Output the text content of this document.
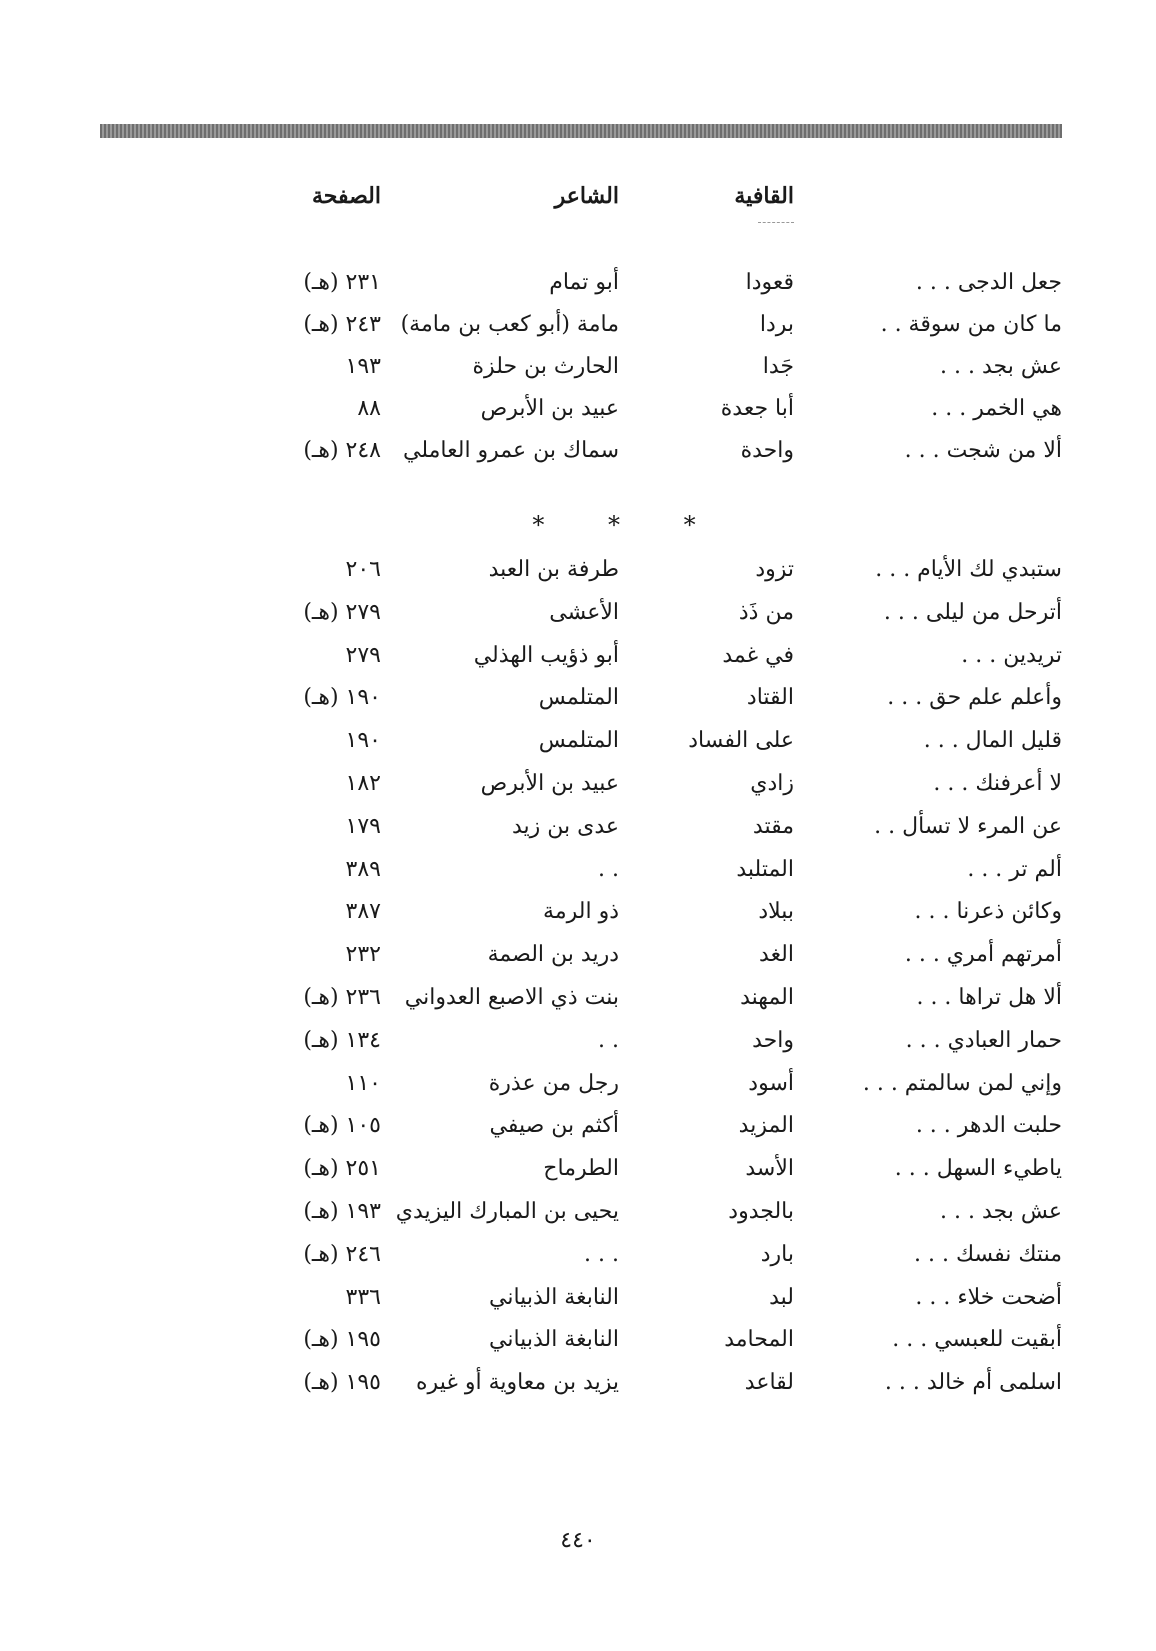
القافية
الشاعر
الصفحة
جعل الدجى . . .
قعودا
أبو تمام
٢٣١ (هـ)
ما كان من سوقة . .
بردا
مامة (أبو كعب بن مامة)
٢٤٣ (هـ)
عش بجد . . .
جَدا
الحارث بن حلزة
١٩٣
هي الخمر . . .
أبا جعدة
عبيد بن الأبرص
٨٨
ألا من شجت . . .
واحدة
سماك بن عمرو العاملي
٢٤٨ (هـ)
* * *
ستبدي لك الأيام . . .
تزود
طرفة بن العبد
٢٠٦
أترحل من ليلى . . .
من ذَذ
الأعشى
٢٧٩ (هـ)
تريدين . . .
في غمد
أبو ذؤيب الهذلي
٢٧٩
وأعلم علم حق . . .
القتاد
المتلمس
١٩٠ (هـ)
قليل المال . . .
على الفساد
المتلمس
١٩٠
لا أعرفنك . . .
زادي
عبيد بن الأبرص
١٨٢
عن المرء لا تسأل . .
مقتد
عدى بن زيد
١٧٩
ألم تر . . .
المتلبد
. .
٣٨٩
وكائن ذعرنا . . .
ببلاد
ذو الرمة
٣٨٧
أمرتهم أمري . . .
الغد
دريد بن الصمة
٢٣٢
ألا هل تراها . . .
المهند
بنت ذي الاصبع العدواني
٢٣٦ (هـ)
حمار العبادي . . .
واحد
. .
١٣٤ (هـ)
وإني لمن سالمتم . . .
أسود
رجل من عذرة
١١٠
حلبت الدهر . . .
المزيد
أكثم بن صيفي
١٠٥ (هـ)
ياطيء السهل . . .
الأسد
الطرماح
٢٥١ (هـ)
عش بجد . . .
بالجدود
يحيى بن المبارك اليزيدي
١٩٣ (هـ)
منتك نفسك . . .
بارد
. . .
٢٤٦ (هـ)
أضحت خلاء . . .
لبد
النابغة الذبياني
٣٣٦
أبقيت للعبسي . . .
المحامد
النابغة الذبياني
١٩٥ (هـ)
اسلمى أم خالد . . .
لقاعد
يزيد بن معاوية أو غيره
١٩٥ (هـ)
٤٤٠
